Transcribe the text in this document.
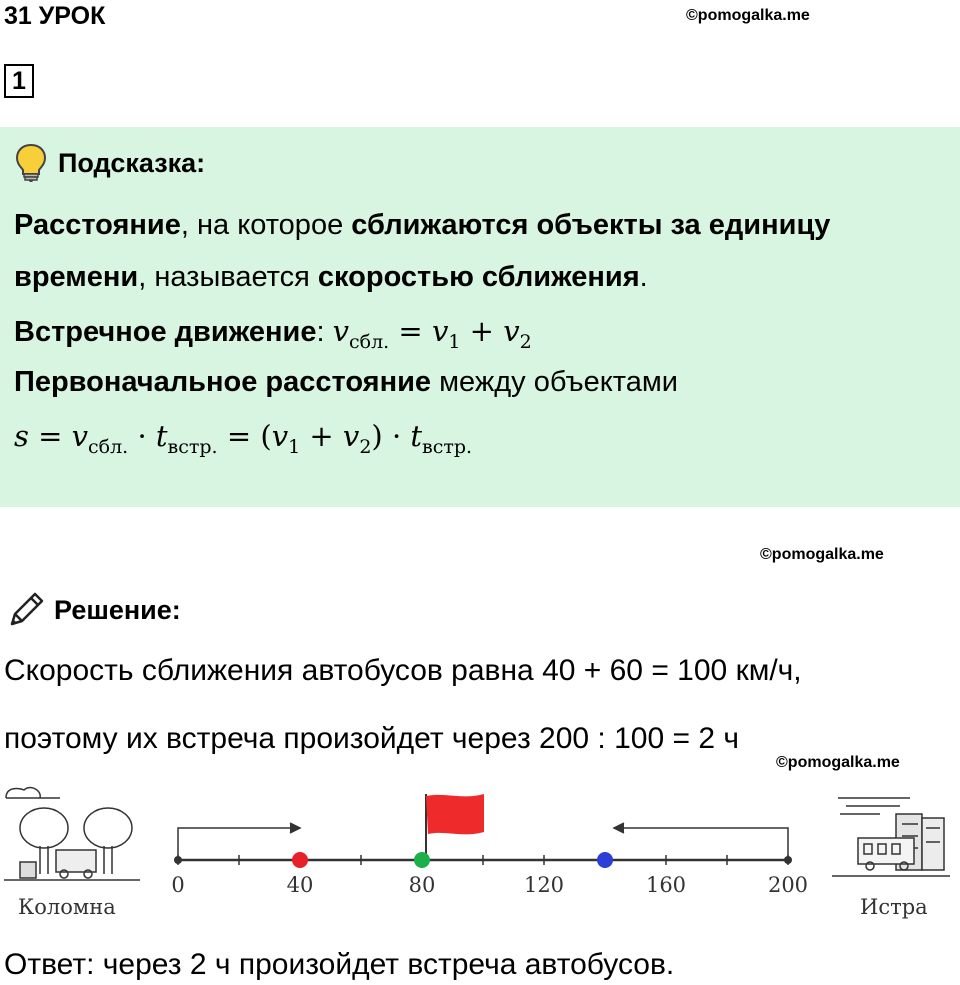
31 УРОК	©pomogalka.me
1
Подсказка:
Расстояние, на которое сближаются объекты за единицу
времени, называется скоростью сближения.
Встречное движение: $v_{сбл.} = v_1 + v_2$
Первоначальное расстояние между объектами
$s = v_{сбл.} \cdot t_{встр.} = (v_1 + v_2) \cdot t_{встр.}$
©pomogalka.me
Решение:
Скорость сближения автобусов равна 40 + 60 = 100 км/ч,
поэтому их встреча произойдет через 200 : 100 = 2 ч
©pomogalka.me
Коломна	Истра
0	40	80	120	160	200
Ответ: через 2 ч произойдет встреча автобусов.
